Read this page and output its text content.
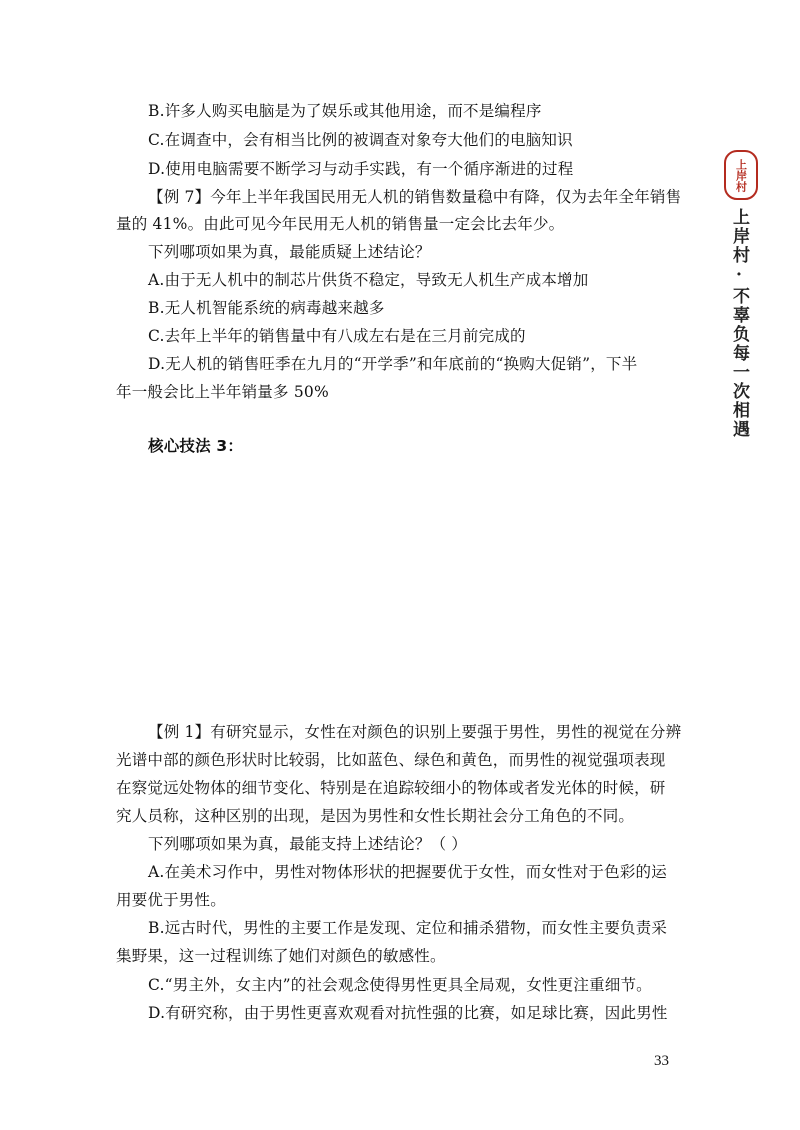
上岸村
上岸村·不辜负每一次相遇
B.许多人购买电脑是为了娱乐或其他用途，而不是编程序
C.在调查中，会有相当比例的被调查对象夸大他们的电脑知识
D.使用电脑需要不断学习与动手实践，有一个循序渐进的过程
【例 7】今年上半年我国民用无人机的销售数量稳中有降，仅为去年全年销售
量的 41%。由此可见今年民用无人机的销售量一定会比去年少。
下列哪项如果为真，最能质疑上述结论？
A.由于无人机中的制芯片供货不稳定，导致无人机生产成本增加
B.无人机智能系统的病毒越来越多
C.去年上半年的销售量中有八成左右是在三月前完成的
D.无人机的销售旺季在九月的“开学季”和年底前的“换购大促销”，下半
年一般会比上半年销量多 50%
核心技法 3：
【例 1】有研究显示，女性在对颜色的识别上要强于男性，男性的视觉在分辨
光谱中部的颜色形状时比较弱，比如蓝色、绿色和黄色，而男性的视觉强项表现
在察觉远处物体的细节变化、特别是在追踪较细小的物体或者发光体的时候，研
究人员称，这种区别的出现，是因为男性和女性长期社会分工角色的不同。
下列哪项如果为真，最能支持上述结论？（ ）
A.在美术习作中，男性对物体形状的把握要优于女性，而女性对于色彩的运
用要优于男性。
B.远古时代，男性的主要工作是发现、定位和捕杀猎物，而女性主要负责采
集野果，这一过程训练了她们对颜色的敏感性。
C.“男主外，女主内”的社会观念使得男性更具全局观，女性更注重细节。
D.有研究称，由于男性更喜欢观看对抗性强的比赛，如足球比赛，因此男性
33
